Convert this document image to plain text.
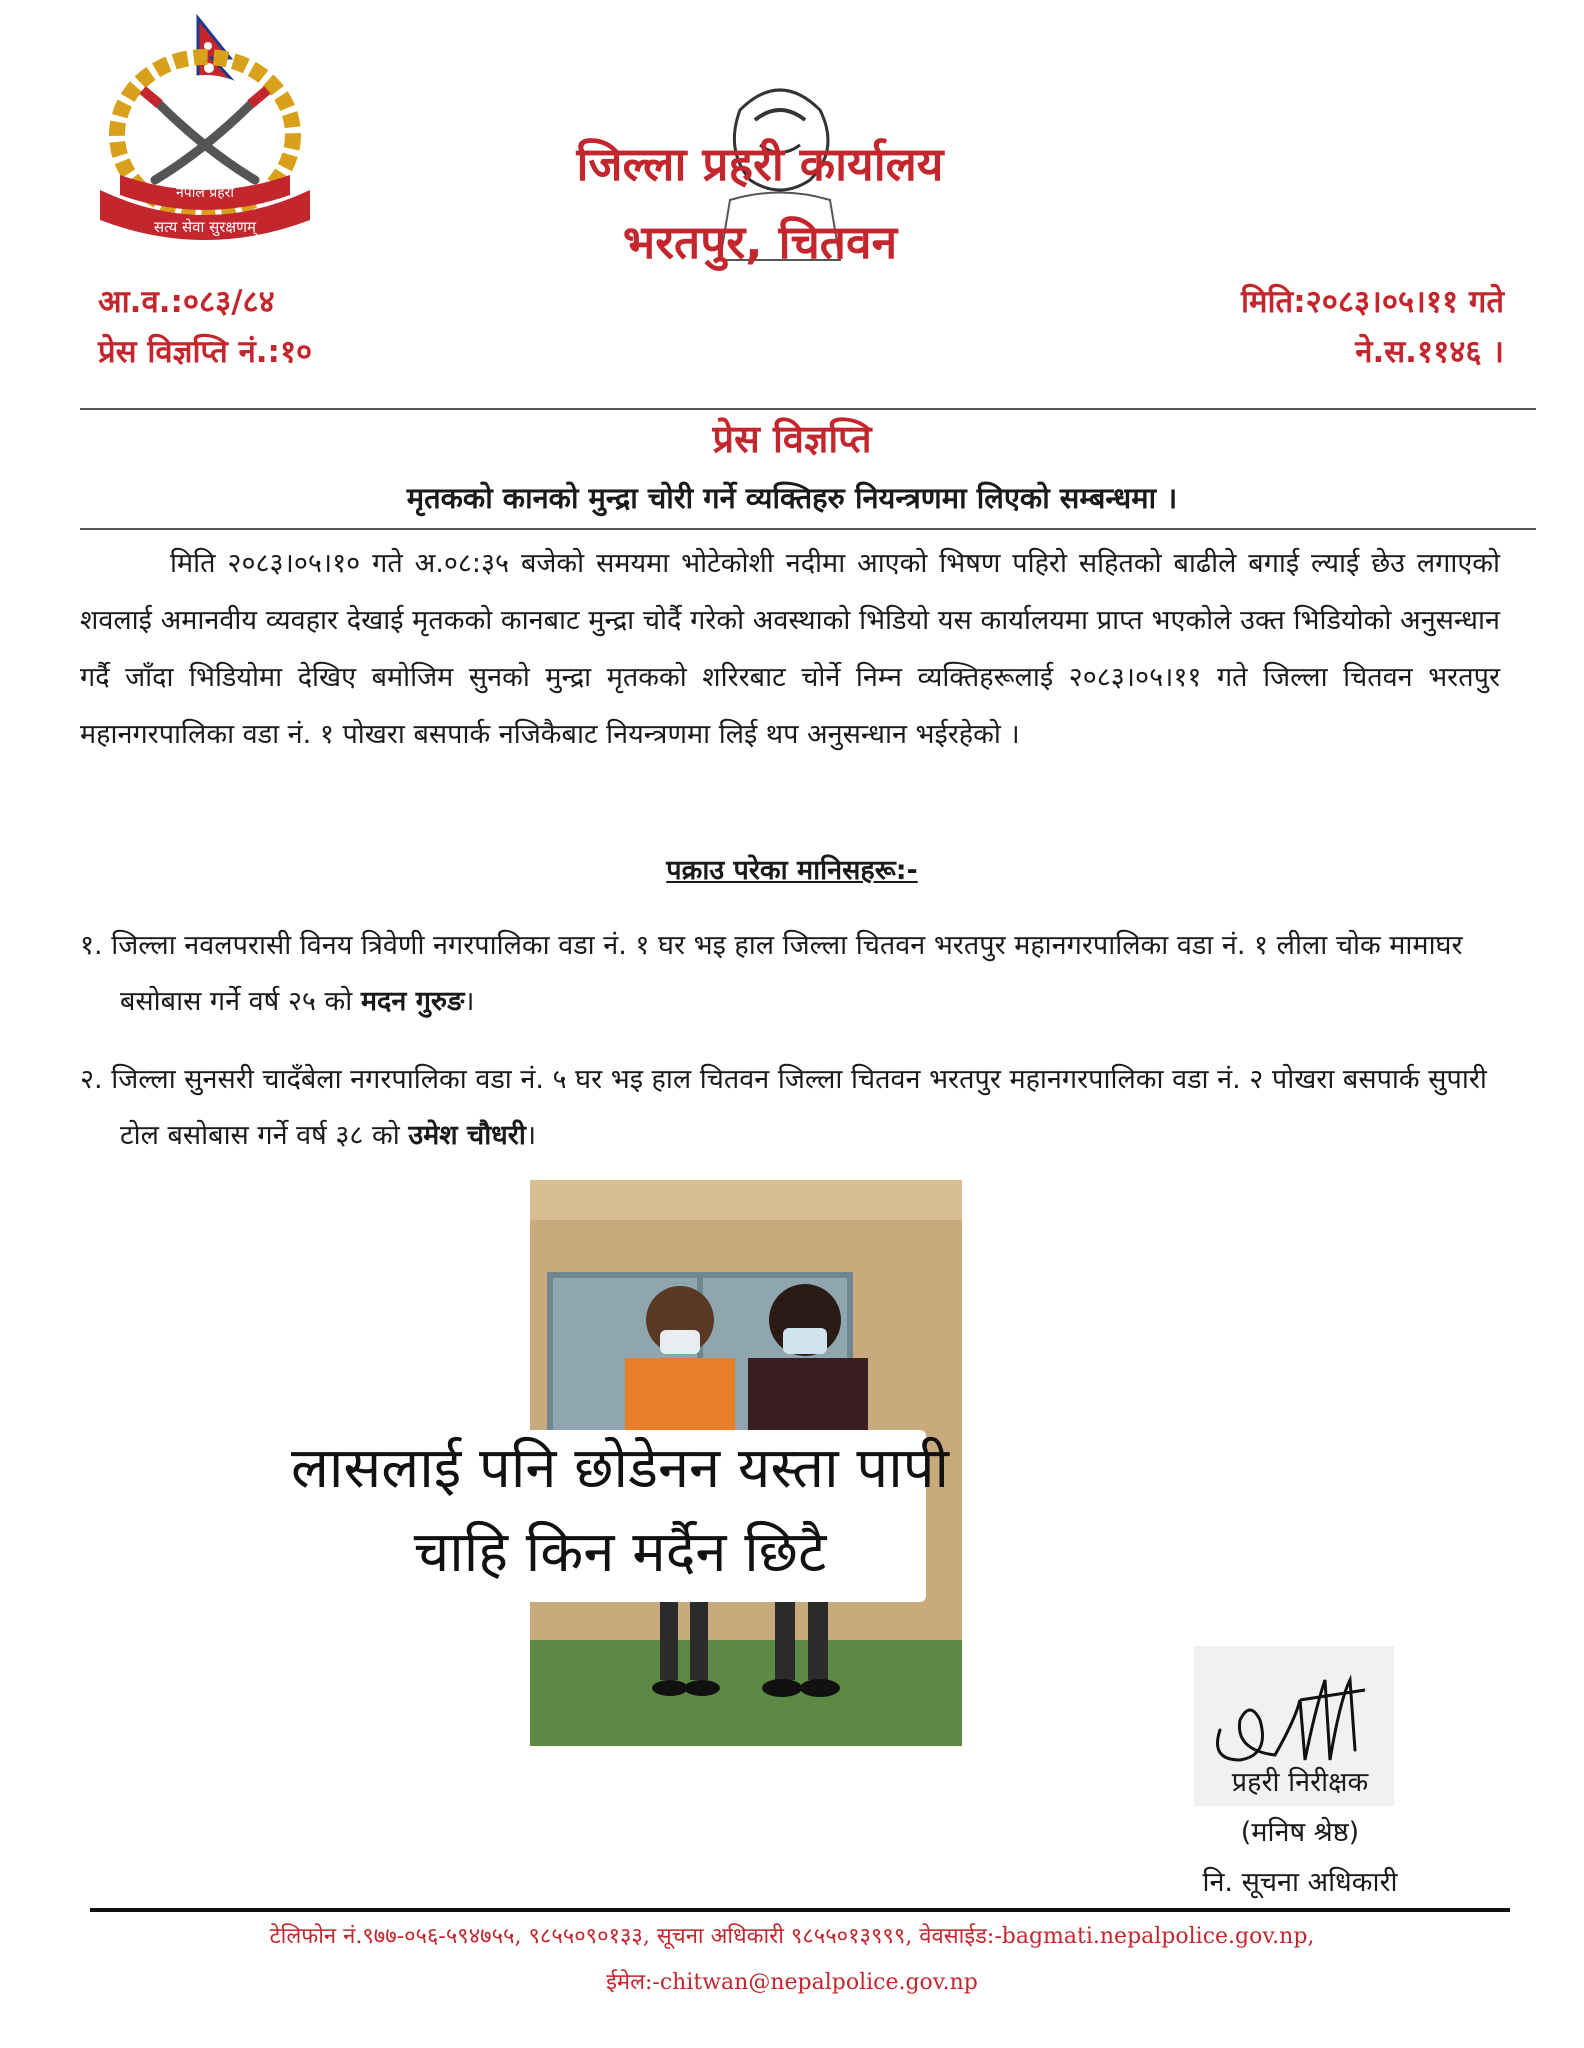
नेपाल प्रहरी
सत्य सेवा सुरक्षणम्
जिल्ला प्रहरी कार्यालय
भरतपुर, चितवन
आ.व.:०८३/८४
प्रेस विज्ञप्ति नं.:१०
मिति:२०८३।०५।११ गते
ने.स.११४६ ।
प्रेस विज्ञप्ति
मृतकको कानको मुन्द्रा चोरी गर्ने व्यक्तिहरु नियन्त्रणमा लिएको सम्बन्धमा ।
मिति २०८३।०५।१० गते अ.०८:३५ बजेको समयमा भोटेकोशी नदीमा आएको भिषण पहिरो सहितको बाढीले बगाई ल्याई छेउ लगाएको शवलाई अमानवीय व्यवहार देखाई मृतकको कानबाट मुन्द्रा चोर्दै गरेको अवस्थाको भिडियो यस कार्यालयमा प्राप्त भएकोले उक्त भिडियोको अनुसन्धान गर्दै जाँदा भिडियोमा देखिए बमोजिम सुनको मुन्द्रा मृतकको शरिरबाट चोर्ने निम्न व्यक्तिहरूलाई २०८३।०५।११ गते जिल्ला चितवन भरतपुर महानगरपालिका वडा नं. १ पोखरा बसपार्क नजिकैबाट नियन्त्रणमा लिई थप अनुसन्धान भईरहेको ।
पक्राउ परेका मानिसहरू:-
१. जिल्ला नवलपरासी विनय त्रिवेणी नगरपालिका वडा नं. १ घर भइ हाल जिल्ला चितवन भरतपुर महानगरपालिका वडा नं. १ लीला चोक मामाघर बसोबास गर्ने वर्ष २५ को मदन गुरुङ।
२. जिल्ला सुनसरी चादँबेला नगरपालिका वडा नं. ५ घर भइ हाल चितवन जिल्ला चितवन भरतपुर महानगरपालिका वडा नं. २ पोखरा बसपार्क सुपारी टोल बसोबास गर्ने वर्ष ३८ को उमेश चौधरी।
लासलाई पनि छोडेनन यस्ता पापी
चाहि किन मर्दैन छिटै
प्रहरी निरीक्षक
(मनिष श्रेष्ठ)
नि. सूचना अधिकारी
टेलिफोन नं.९७७-०५६-५९४७५५, ९८५५०९०१३३, सूचना अधिकारी ९८५५०१३९९९, वेवसाईड:-bagmati.nepalpolice.gov.np,
ईमेल:-chitwan@nepalpolice.gov.np
